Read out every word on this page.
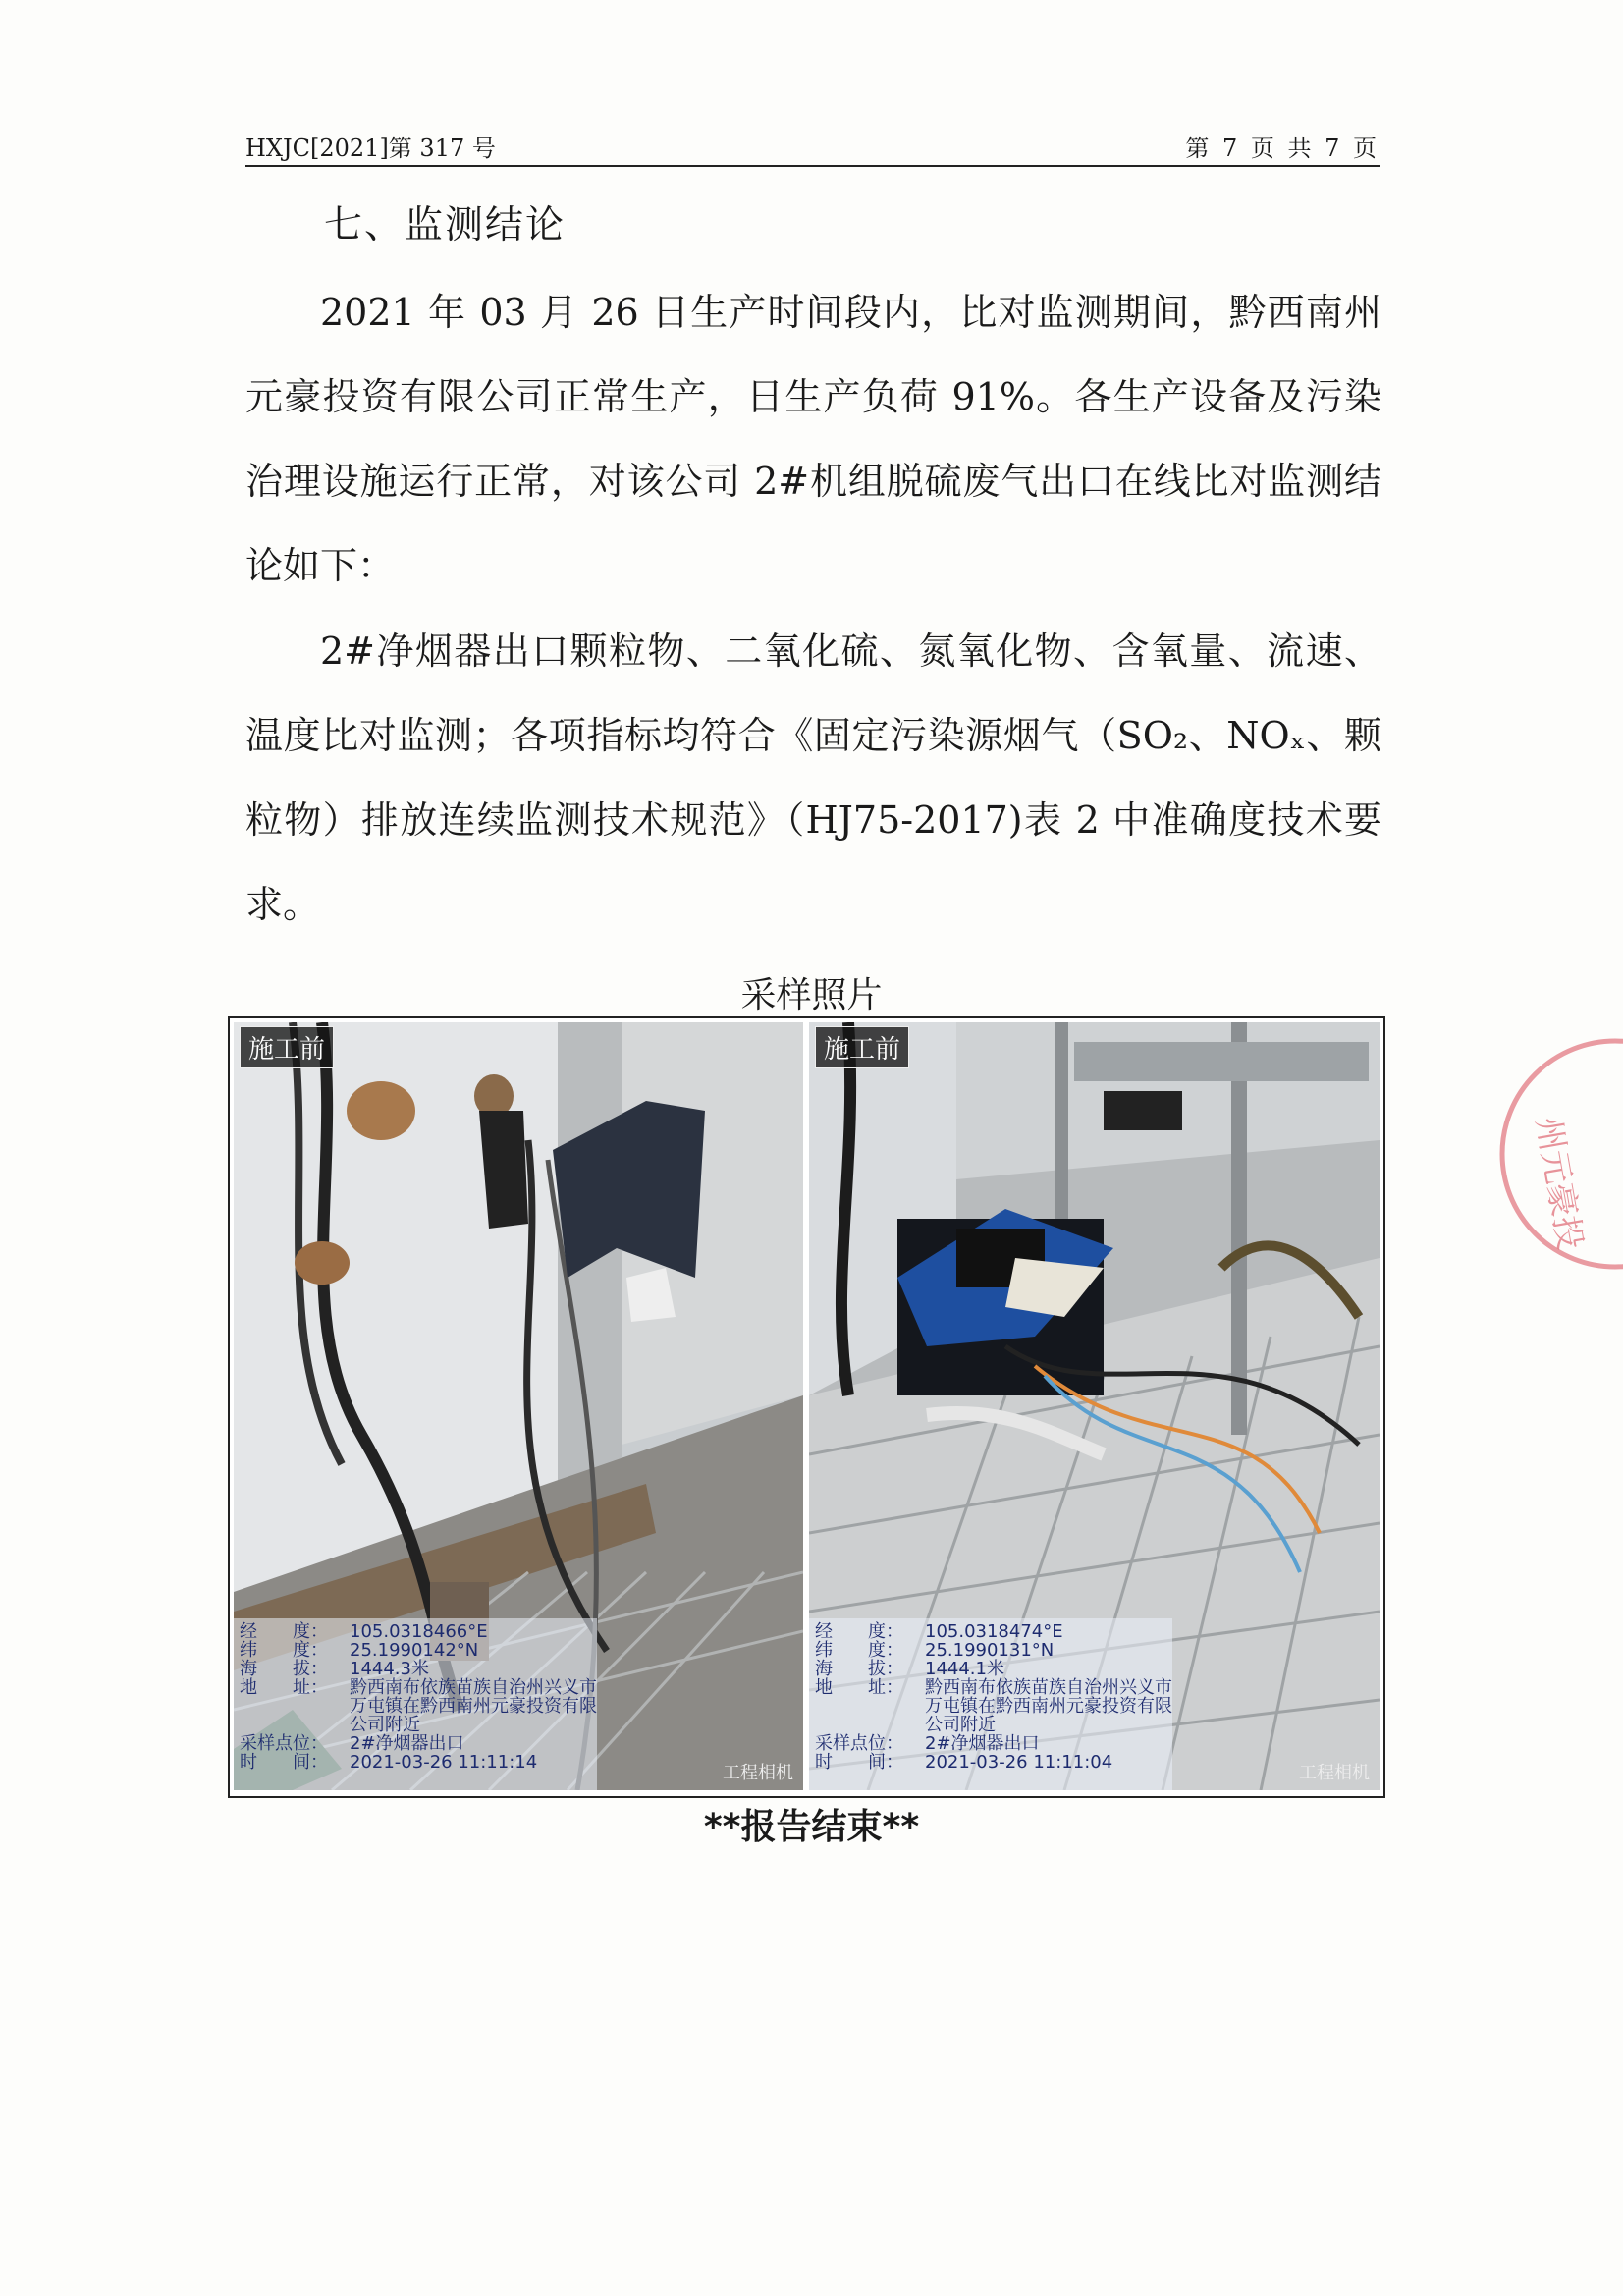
HXJC[2021]第 317 号	第 7 页 共 7 页
七、监测结论
2021 年 03 月 26 日生产时间段内，比对监测期间，黔西南州元豪投资有限公司正常生产，日生产负荷 91%。各生产设备及污染治理设施运行正常，对该公司 2#机组脱硫废气出口在线比对监测结论如下：
2#净烟器出口颗粒物、二氧化硫、氮氧化物、含氧量、流速、温度比对监测；各项指标均符合《固定污染源烟气（SO₂、NOₓ、颗粒物）排放连续监测技术规范》（HJ75-2017)表 2 中准确度技术要求。
采样照片
施工前
经　　度：	105.0318466°E
纬　　度：	25.1990142°N
海　　拔：	1444.3米
地　　址：	黔西南布依族苗族自治州兴义市万屯镇在黔西南州元豪投资有限公司附近
采样点位：	2#净烟器出口
时　　间：	2021-03-26 11:11:14
工程相机
施工前
经　　度：	105.0318474°E
纬　　度：	25.1990131°N
海　　拔：	1444.1米
地　　址：	黔西南布依族苗族自治州兴义市万屯镇在黔西南州元豪投资有限公司附近
采样点位：	2#净烟器出口
时　　间：	2021-03-26 11:11:04
工程相机
**报告结束**
州元豪投
